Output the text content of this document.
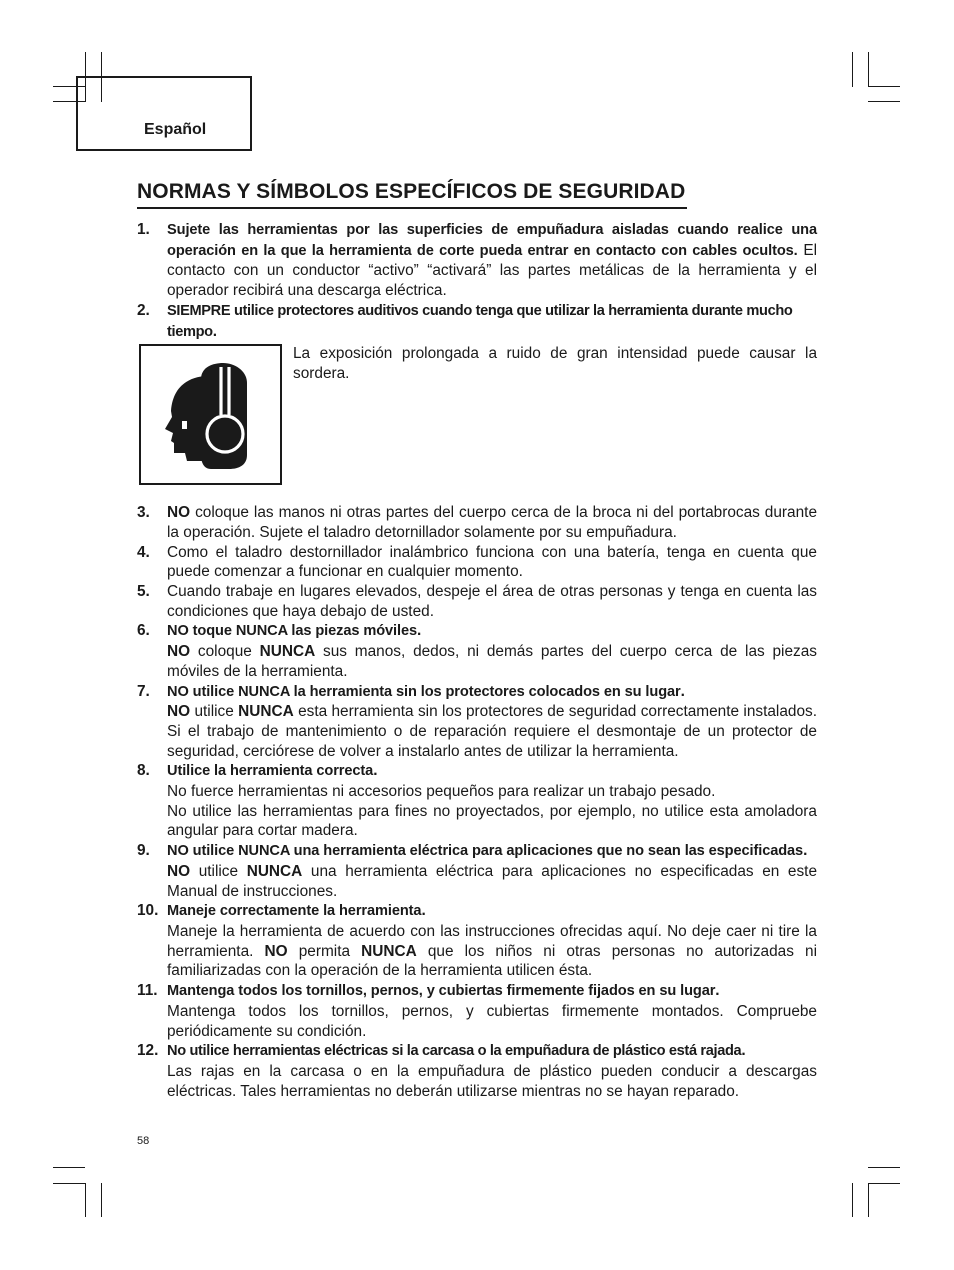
Español
NORMAS Y SÍMBOLOS ESPECÍFICOS DE SEGURIDAD
1.	Sujete las herramientas por las superficies de empuñadura aisladas cuando realice una operación en la que la herramienta de corte pueda entrar en contacto con cables ocultos. El contacto con un conductor “activo” “activará” las partes metálicas de la herramienta y el operador recibirá una descarga eléctrica.
2.	SIEMPRE utilice protectores auditivos cuando tenga que utilizar la herramienta durante mucho tiempo.
La exposición prolongada a ruido de gran intensidad puede causar la sordera.
3.	NO coloque las manos ni otras partes del cuerpo cerca de la broca ni del portabrocas durante la operación. Sujete el taladro detornillador solamente por su empuñadura.
4.	Como el taladro destornillador inalámbrico funciona con una batería, tenga en cuenta que puede comenzar a funcionar en cualquier momento.
5.	Cuando trabaje en lugares elevados, despeje el área de otras personas y tenga en cuenta las condiciones que haya debajo de usted.
6.	NO toque NUNCA las piezas móviles.
NO coloque NUNCA sus manos, dedos, ni demás partes del cuerpo cerca de las piezas móviles de la herramienta.
7.	NO utilice NUNCA la herramienta sin los protectores colocados en su lugar.
NO utilice NUNCA esta herramienta sin los protectores de seguridad correctamente instalados. Si el trabajo de mantenimiento o de reparación requiere el desmontaje de un protector de seguridad, cerciórese de volver a instalarlo antes de utilizar la herramienta.
8.	Utilice la herramienta correcta.
No fuerce herramientas ni accesorios pequeños para realizar un trabajo pesado.
No utilice las herramientas para fines no proyectados, por ejemplo, no utilice esta amoladora angular para cortar madera.
9.	NO utilice NUNCA una herramienta eléctrica para aplicaciones que no sean las especificadas.
NO utilice NUNCA una herramienta eléctrica para aplicaciones no especificadas en este Manual de instrucciones.
10. Maneje correctamente la herramienta.
Maneje la herramienta de acuerdo con las instrucciones ofrecidas aquí. No deje caer ni tire la herramienta. NO permita NUNCA que los niños ni otras personas no autorizadas ni familiarizadas con la operación de la herramienta utilicen ésta.
11. Mantenga todos los tornillos, pernos, y cubiertas firmemente fijados en su lugar.
Mantenga todos los tornillos, pernos, y cubiertas firmemente montados. Compruebe periódicamente su condición.
12. No utilice herramientas eléctricas si la carcasa o la empuñadura de plástico está rajada.
Las rajas en la carcasa o en la empuñadura de plástico pueden conducir a descargas eléctricas. Tales herramientas no deberán utilizarse mientras no se hayan reparado.
58
